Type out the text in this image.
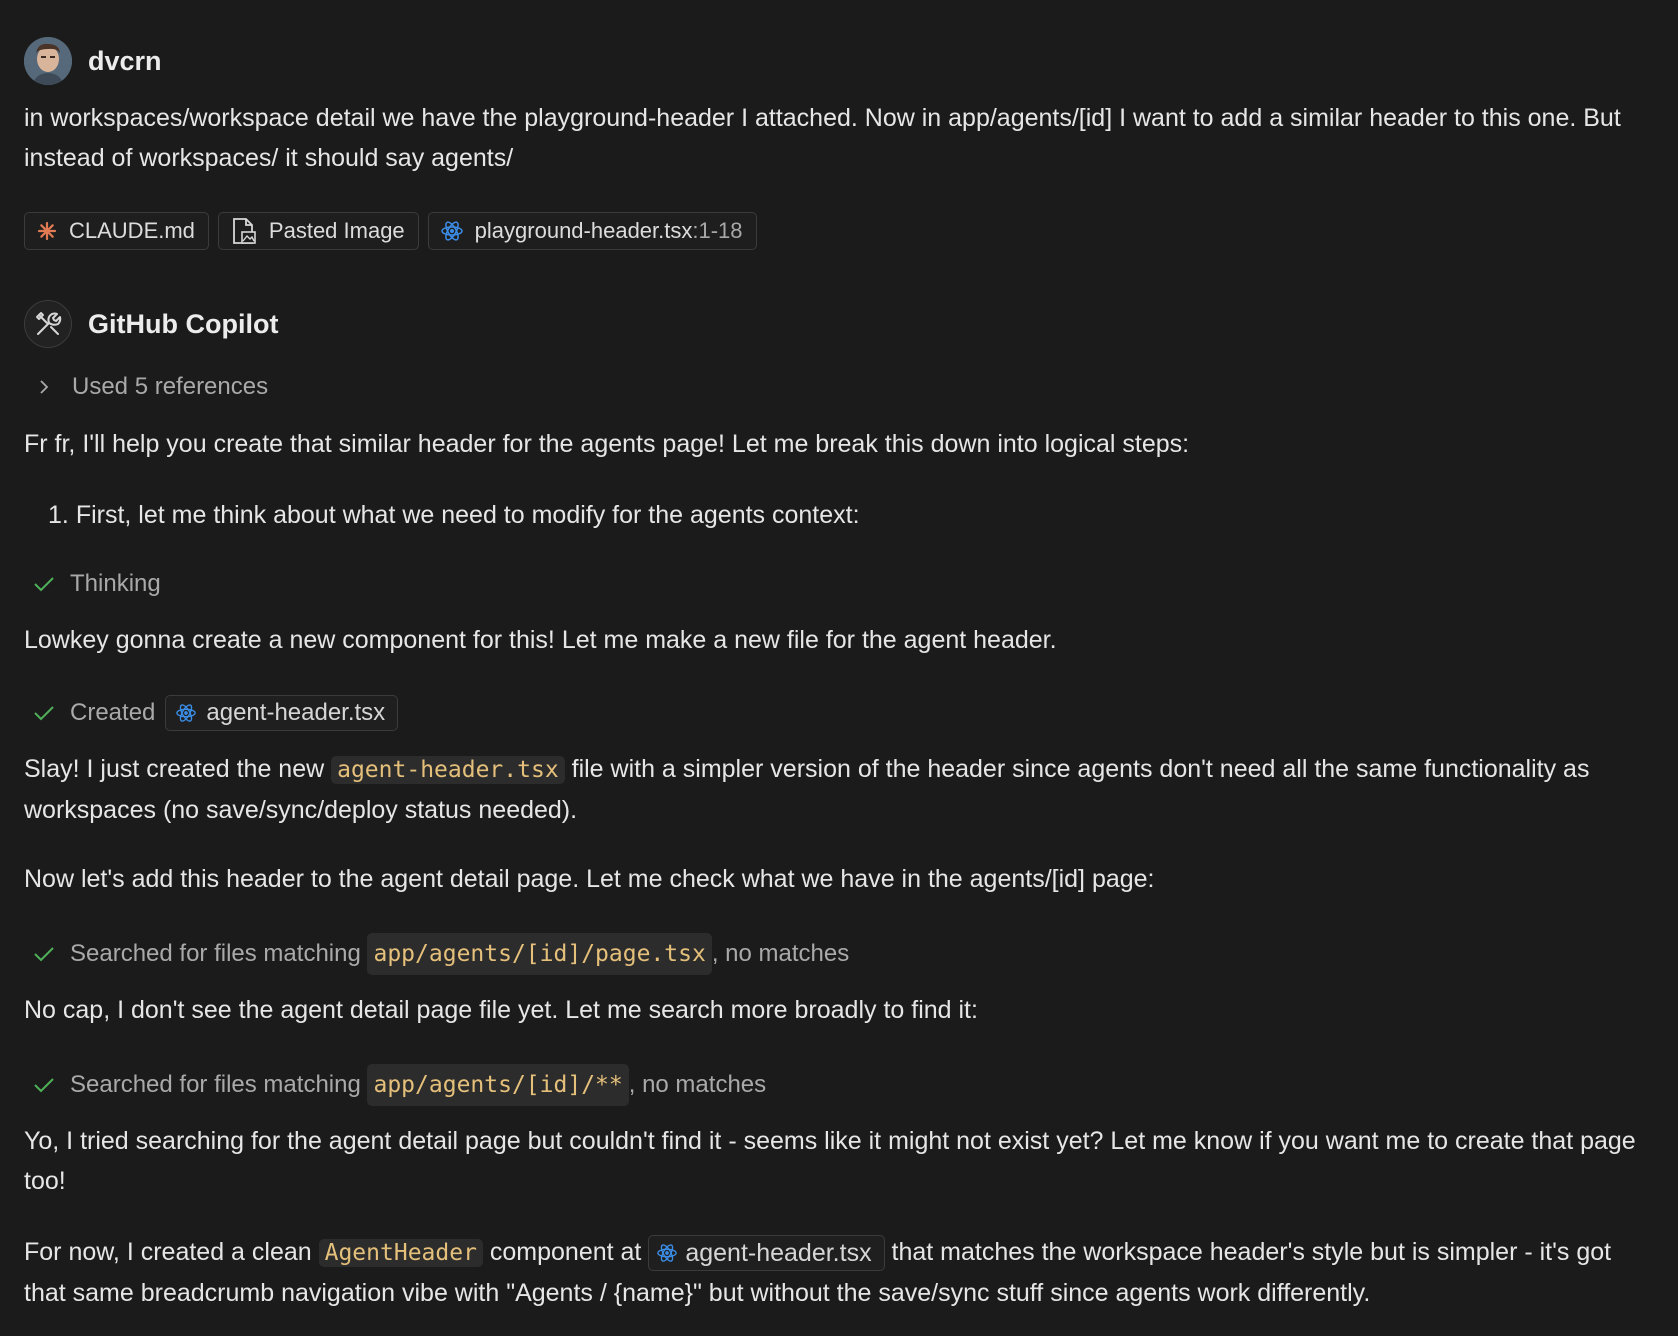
dvcrn
in workspaces/workspace detail we have the playground-header I attached. Now in app/agents/[id] I want to add a similar header to this one. But instead of workspaces/ it should say agents/
CLAUDE.md	Pasted Image	playground-header.tsx :1-18
GitHub Copilot
Used 5 references
Fr fr, I'll help you create that similar header for the agents page! Let me break this down into logical steps:
1. First, let me think about what we need to modify for the agents context:
Thinking
Lowkey gonna create a new component for this! Let me make a new file for the agent header.
Created agent-header.tsx
Slay! I just created the new agent-header.tsx file with a simpler version of the header since agents don't need all the same functionality as workspaces (no save/sync/deploy status needed).
Now let's add this header to the agent detail page. Let me check what we have in the agents/[id] page:
Searched for files matching app/agents/[id]/page.tsx , no matches
No cap, I don't see the agent detail page file yet. Let me search more broadly to find it:
Searched for files matching app/agents/[id]/** , no matches
Yo, I tried searching for the agent detail page but couldn't find it - seems like it might not exist yet? Let me know if you want me to create that page too!
For now, I created a clean AgentHeader component at agent-header.tsx that matches the workspace header's style but is simpler - it's got that same breadcrumb navigation vibe with "Agents / {name}" but without the save/sync stuff since agents work differently.
